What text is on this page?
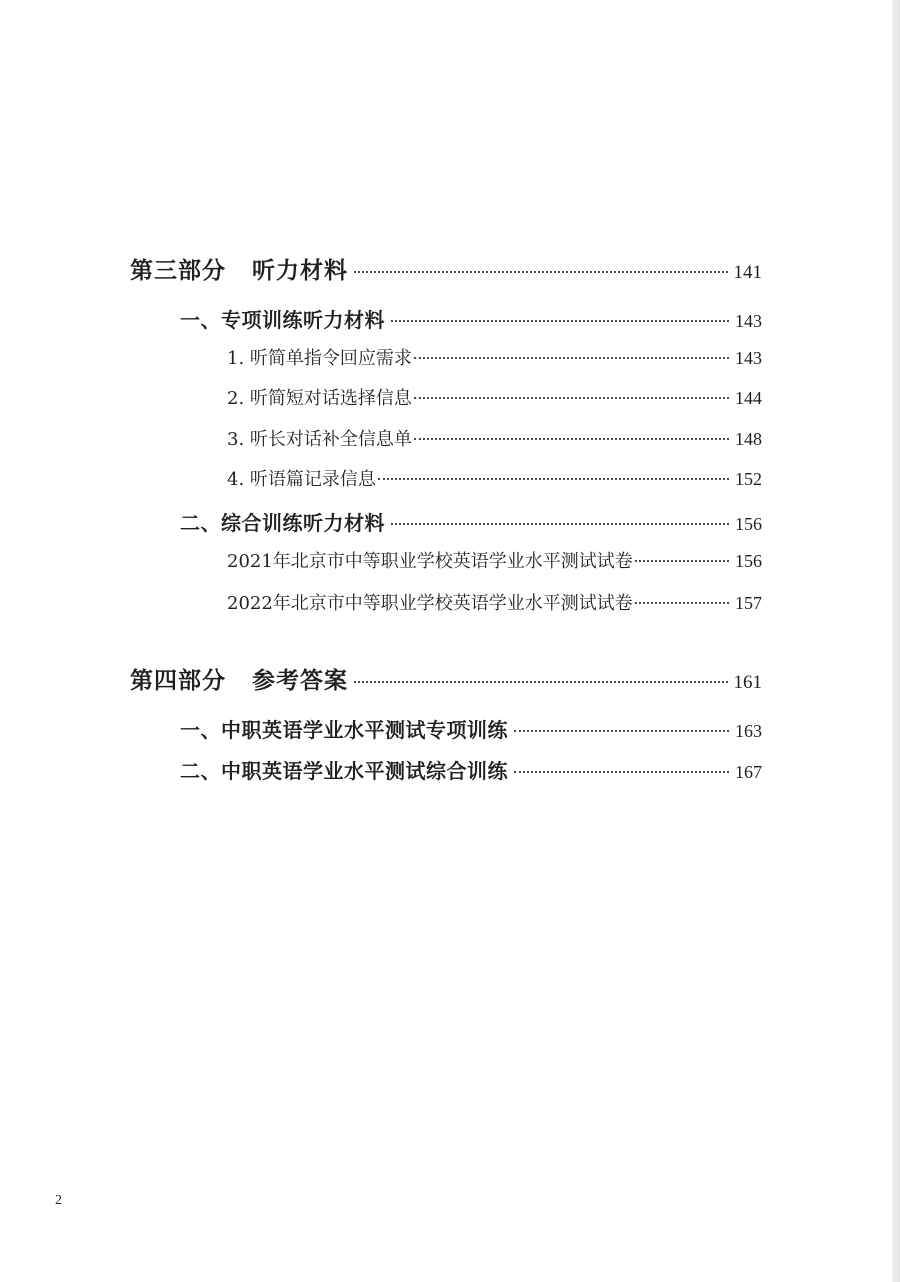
第三部分 听力材料	141
一、专项训练听力材料	143
1. 听简单指令回应需求	143
2. 听简短对话选择信息	144
3. 听长对话补全信息单	148
4. 听语篇记录信息	152
二、综合训练听力材料	156
2021年北京市中等职业学校英语学业水平测试试卷	156
2022年北京市中等职业学校英语学业水平测试试卷	157
第四部分 参考答案	161
一、中职英语学业水平测试专项训练	163
二、中职英语学业水平测试综合训练	167
2
